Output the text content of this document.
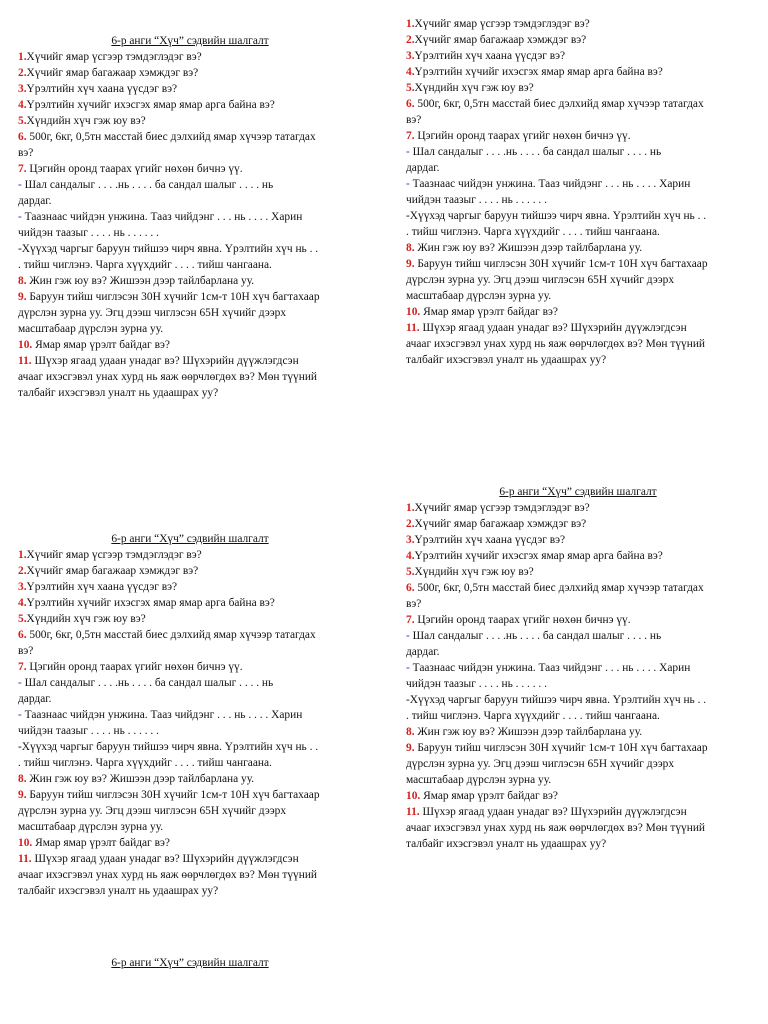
6-р анги “Хүч” сэдвийн шалгалт

1.Хүчийг ямар үсгээр тэмдэглэдэг вэ?

2.Хүчийг ямар багажаар хэмждэг вэ?

3.Үрэлтийн хүч хаана үүсдэг вэ?

4.Үрэлтийн хүчийг ихэсгэх ямар ямар арга байна вэ?

5.Хүндийн хүч гэж юу вэ?

6. 500г, 6кг, 0,5тн масстай биес дэлхийд ямар хүчээр татагдах

вэ?

7. Цэгийн оронд таарах үгийг нөхөн бичнэ үү.

- Шал сандалыг . . . .нь . . . . ба сандал шалыг . . . . нь

дардаг.

- Таазнаас чийдэн унжина. Тааз чийдэнг . . . нь . . . . Харин

чийдэн таазыг . . . . нь . . . . . .

-Хүүхэд чаргыг баруун тийшээ чирч явна. Үрэлтийн хүч нь . .

. тийш чиглэнэ. Чарга хүүхдийг . . . . тийш чангаана.

8. Жин гэж юу вэ? Жишээн дээр тайлбарлана уу.

9. Баруун тийш чиглэсэн 30Н хүчийг 1см-т 10Н хүч багтахаар

дүрслэн зурна уу. Эгц дээш чиглэсэн 65Н хүчийг дээрх

масштабаар дүрслэн зурна уу.

10. Ямар ямар үрэлт байдаг вэ?

11. Шүхэр ягаад удаан унадаг вэ? Шүхэрийн дүүжлэгдсэн

ачааг ихэсгэвэл унах хурд нь яаж өөрчлөгдөх вэ? Мөн түүний

талбайг ихэсгэвэл уналт нь удаашрах уу?

1.Хүчийг ямар үсгээр тэмдэглэдэг вэ?

2.Хүчийг ямар багажаар хэмждэг вэ?

3.Үрэлтийн хүч хаана үүсдэг вэ?

4.Үрэлтийн хүчийг ихэсгэх ямар ямар арга байна вэ?

5.Хүндийн хүч гэж юу вэ?

6. 500г, 6кг, 0,5тн масстай биес дэлхийд ямар хүчээр татагдах

вэ?

7. Цэгийн оронд таарах үгийг нөхөн бичнэ үү.

- Шал сандалыг . . . .нь . . . . ба сандал шалыг . . . . нь

дардаг.

- Таазнаас чийдэн унжина. Тааз чийдэнг . . . нь . . . . Харин

чийдэн таазыг . . . . нь . . . . . .

-Хүүхэд чаргыг баруун тийшээ чирч явна. Үрэлтийн хүч нь . .

. тийш чиглэнэ. Чарга хүүхдийг . . . . тийш чангаана.

8. Жин гэж юу вэ? Жишээн дээр тайлбарлана уу.

9. Баруун тийш чиглэсэн 30Н хүчийг 1см-т 10Н хүч багтахаар

дүрслэн зурна уу. Эгц дээш чиглэсэн 65Н хүчийг дээрх

масштабаар дүрслэн зурна уу.

10. Ямар ямар үрэлт байдаг вэ?

11. Шүхэр ягаад удаан унадаг вэ? Шүхэрийн дүүжлэгдсэн

ачааг ихэсгэвэл унах хурд нь яаж өөрчлөгдөх вэ? Мөн түүний

талбайг ихэсгэвэл уналт нь удаашрах уу?

6-р анги “Хүч” сэдвийн шалгалт

1.Хүчийг ямар үсгээр тэмдэглэдэг вэ?

2.Хүчийг ямар багажаар хэмждэг вэ?

3.Үрэлтийн хүч хаана үүсдэг вэ?

4.Үрэлтийн хүчийг ихэсгэх ямар ямар арга байна вэ?

5.Хүндийн хүч гэж юу вэ?

6. 500г, 6кг, 0,5тн масстай биес дэлхийд ямар хүчээр татагдах

вэ?

7. Цэгийн оронд таарах үгийг нөхөн бичнэ үү.

- Шал сандалыг . . . .нь . . . . ба сандал шалыг . . . . нь

дардаг.

- Таазнаас чийдэн унжина. Тааз чийдэнг . . . нь . . . . Харин

чийдэн таазыг . . . . нь . . . . . .

-Хүүхэд чаргыг баруун тийшээ чирч явна. Үрэлтийн хүч нь . .

. тийш чиглэнэ. Чарга хүүхдийг . . . . тийш чангаана.

8. Жин гэж юу вэ? Жишээн дээр тайлбарлана уу.

9. Баруун тийш чиглэсэн 30Н хүчийг 1см-т 10Н хүч багтахаар

дүрслэн зурна уу. Эгц дээш чиглэсэн 65Н хүчийг дээрх

масштабаар дүрслэн зурна уу.

10. Ямар ямар үрэлт байдаг вэ?

11. Шүхэр ягаад удаан унадаг вэ? Шүхэрийн дүүжлэгдсэн

ачааг ихэсгэвэл унах хурд нь яаж өөрчлөгдөх вэ? Мөн түүний

талбайг ихэсгэвэл уналт нь удаашрах уу?

6-р анги “Хүч” сэдвийн шалгалт

1.Хүчийг ямар үсгээр тэмдэглэдэг вэ?

2.Хүчийг ямар багажаар хэмждэг вэ?

3.Үрэлтийн хүч хаана үүсдэг вэ?

4.Үрэлтийн хүчийг ихэсгэх ямар ямар арга байна вэ?

5.Хүндийн хүч гэж юу вэ?

6. 500г, 6кг, 0,5тн масстай биес дэлхийд ямар хүчээр татагдах

вэ?

7. Цэгийн оронд таарах үгийг нөхөн бичнэ үү.

- Шал сандалыг . . . .нь . . . . ба сандал шалыг . . . . нь

дардаг.

- Таазнаас чийдэн унжина. Тааз чийдэнг . . . нь . . . . Харин

чийдэн таазыг . . . . нь . . . . . .

-Хүүхэд чаргыг баруун тийшээ чирч явна. Үрэлтийн хүч нь . .

. тийш чиглэнэ. Чарга хүүхдийг . . . . тийш чангаана.

8. Жин гэж юу вэ? Жишээн дээр тайлбарлана уу.

9. Баруун тийш чиглэсэн 30Н хүчийг 1см-т 10Н хүч багтахаар

дүрслэн зурна уу. Эгц дээш чиглэсэн 65Н хүчийг дээрх

масштабаар дүрслэн зурна уу.

10. Ямар ямар үрэлт байдаг вэ?

11. Шүхэр ягаад удаан унадаг вэ? Шүхэрийн дүүжлэгдсэн

ачааг ихэсгэвэл унах хурд нь яаж өөрчлөгдөх вэ? Мөн түүний

талбайг ихэсгэвэл уналт нь удаашрах уу?

6-р анги “Хүч” сэдвийн шалгалт
